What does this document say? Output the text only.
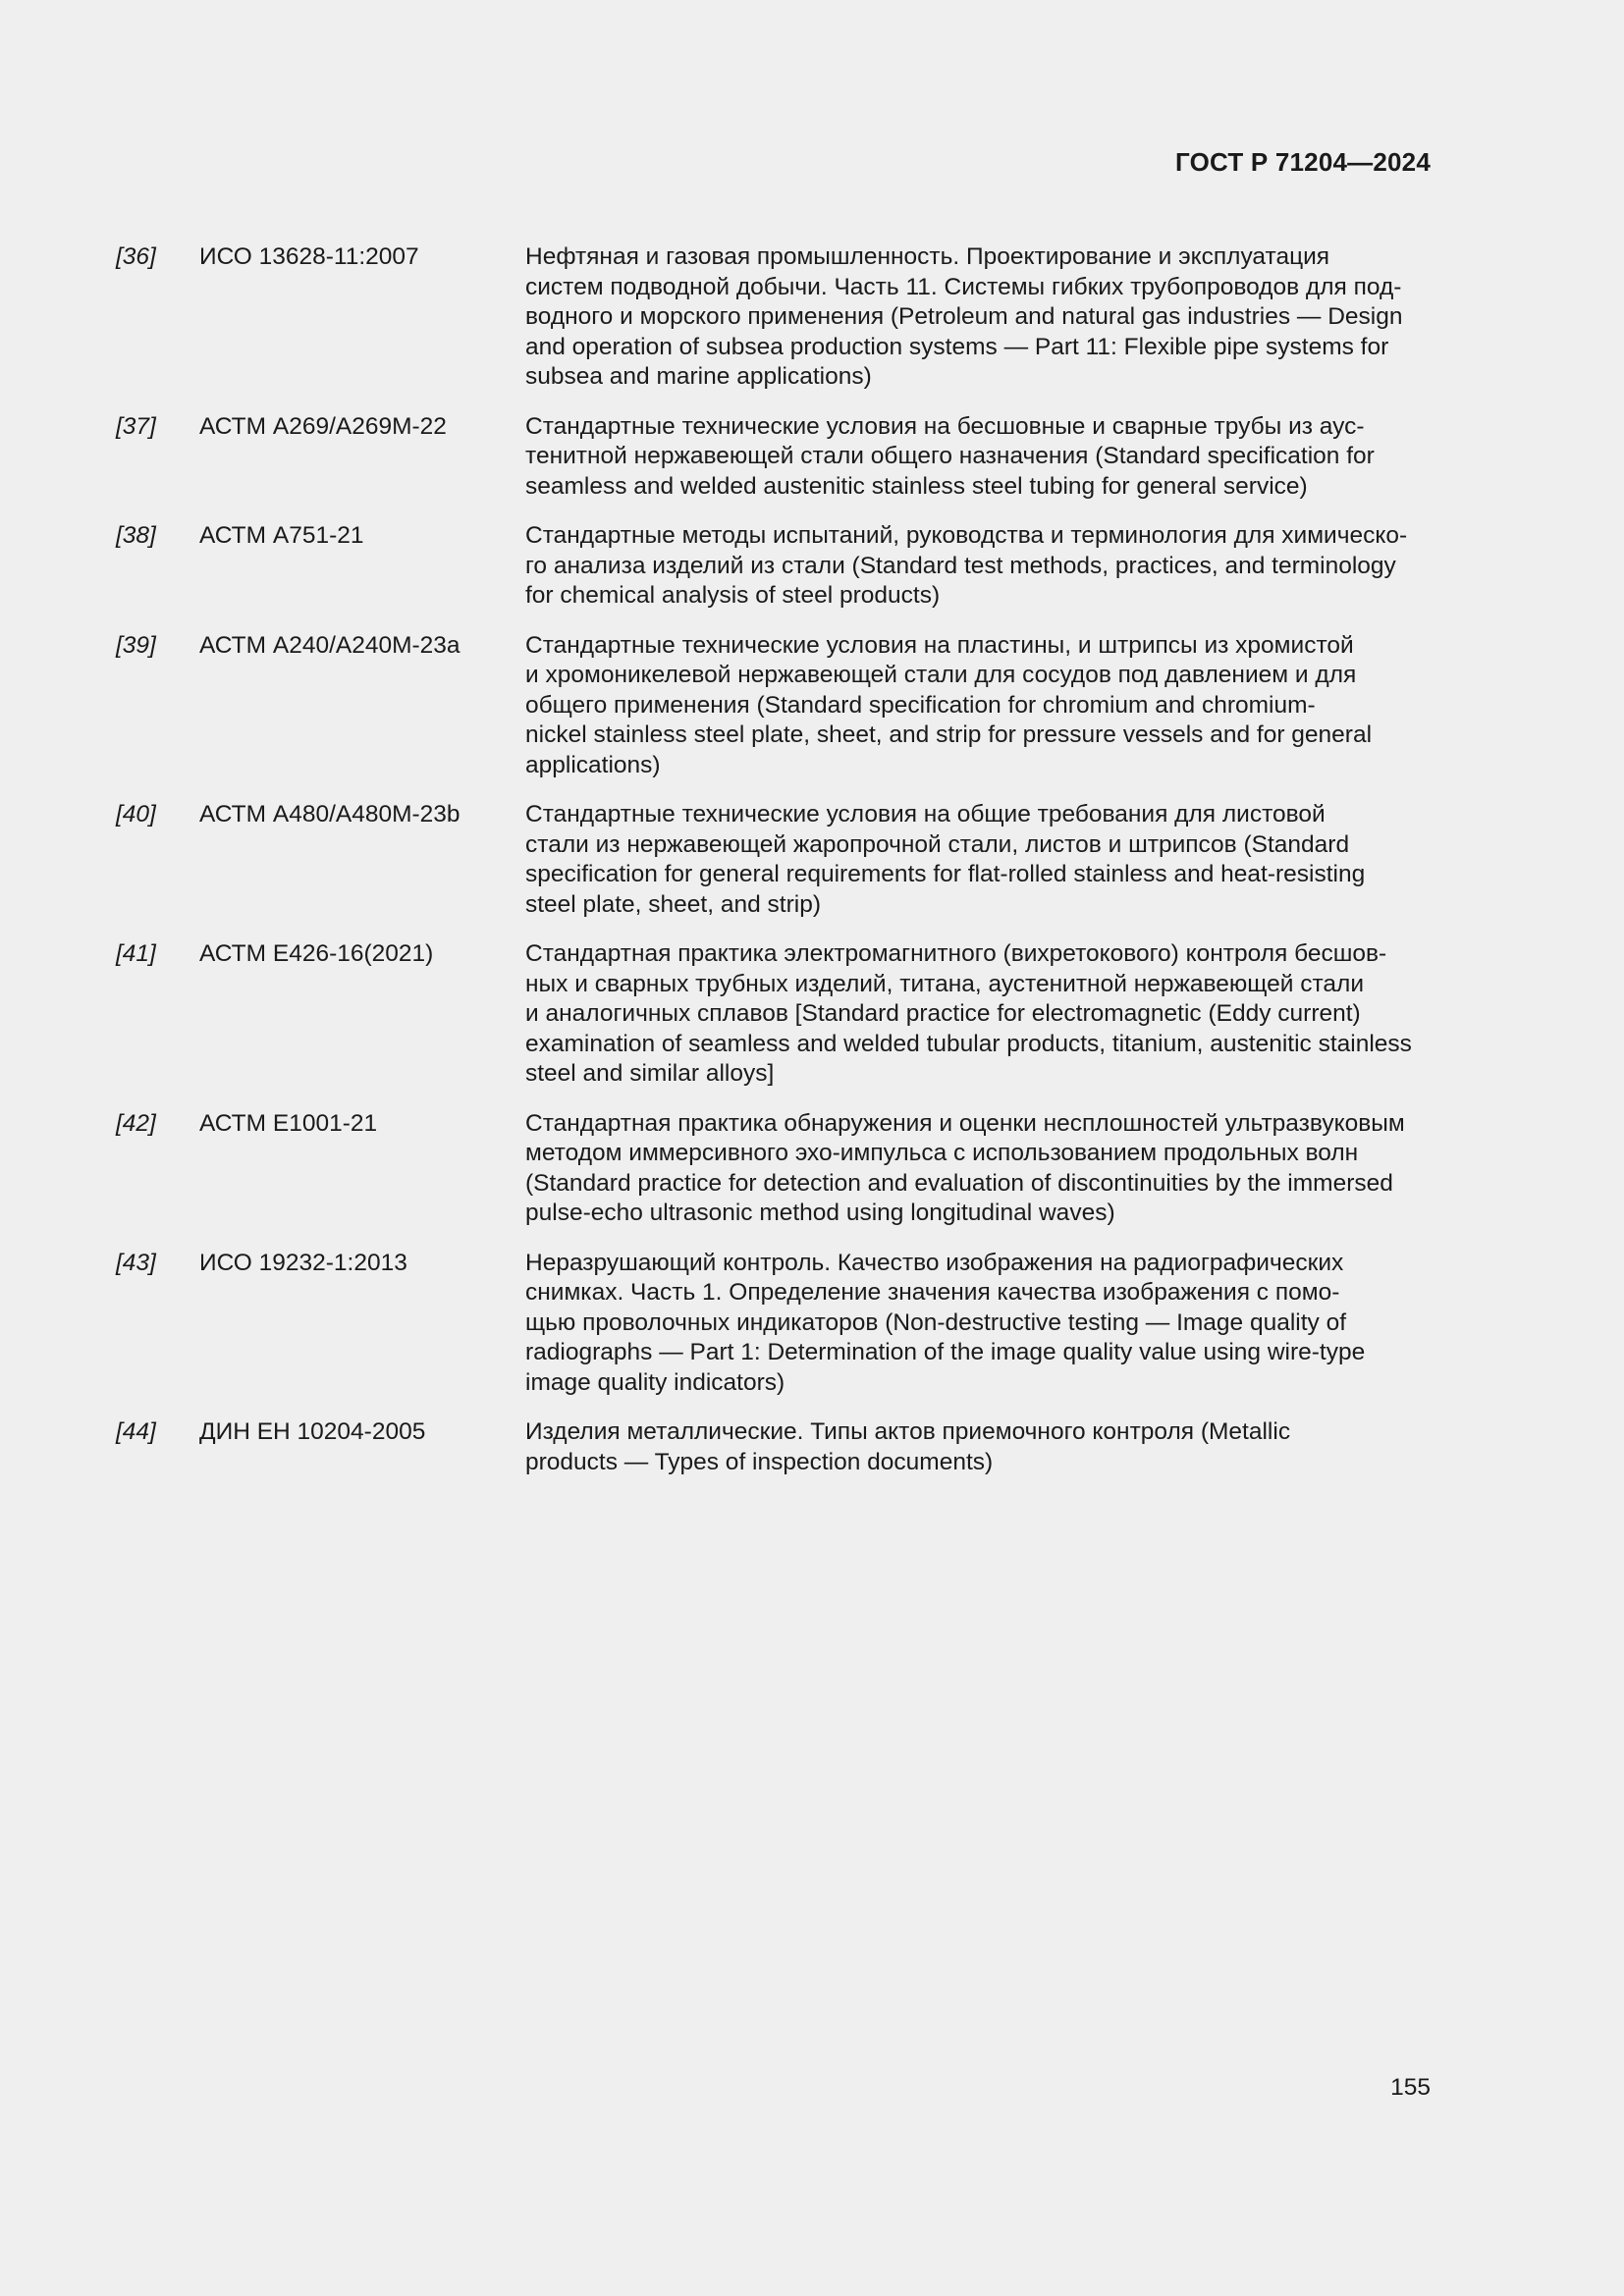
ГОСТ Р 71204—2024
[36]	ИСО 13628-11:2007	Нефтяная и газовая промышленность. Проектирование и эксплуатация
систем подводной добычи. Часть 11. Системы гибких трубопроводов для под-
водного и морского применения (Petroleum and natural gas industries — Design
and operation of subsea production systems — Part 11: Flexible pipe systems for
subsea and marine applications)
[37]	АСТМ А269/А269М-22	Стандартные технические условия на бесшовные и сварные трубы из аус-
тенитной нержавеющей стали общего назначения (Standard specification for
seamless and welded austenitic stainless steel tubing for general service)
[38]	АСТМ А751-21	Стандартные методы испытаний, руководства и терминология для химическо-
го анализа изделий из стали (Standard test methods, practices, and terminology
for chemical analysis of steel products)
[39]	АСТМ А240/А240М-23а	Стандартные технические условия на пластины, и штрипсы из хромистой
и хромоникелевой нержавеющей стали для сосудов под давлением и для
общего применения (Standard specification for chromium and chromium-
nickel stainless steel plate, sheet, and strip for pressure vessels and for general
applications)
[40]	АСТМ А480/А480М-23b	Стандартные технические условия на общие требования для листовой
стали из нержавеющей жаропрочной стали, листов и штрипсов (Standard
specification for general requirements for flat-rolled stainless and heat-resisting
steel plate, sheet, and strip)
[41]	АСТМ Е426-16(2021)	Стандартная практика электромагнитного (вихретокового) контроля бесшов-
ных и сварных трубных изделий, титана, аустенитной нержавеющей стали
и аналогичных сплавов [Standard practice for electromagnetic (Eddy current)
examination of seamless and welded tubular products, titanium, austenitic stainless
steel and similar alloys]
[42]	АСТМ Е1001-21	Стандартная практика обнаружения и оценки несплошностей ультразвуковым
методом иммерсивного эхо-импульса с использованием продольных волн
(Standard practice for detection and evaluation of discontinuities by the immersed
pulse-echo ultrasonic method using longitudinal waves)
[43]	ИСО 19232-1:2013	Неразрушающий контроль. Качество изображения на радиографических
снимках. Часть 1. Определение значения качества изображения с помо-
щью проволочных индикаторов (Non-destructive testing — Image quality of
radiographs — Part 1: Determination of the image quality value using wire-type
image quality indicators)
[44]	ДИН ЕН 10204-2005	Изделия металлические. Типы актов приемочного контроля (Metallic
products — Types of inspection documents)
155
